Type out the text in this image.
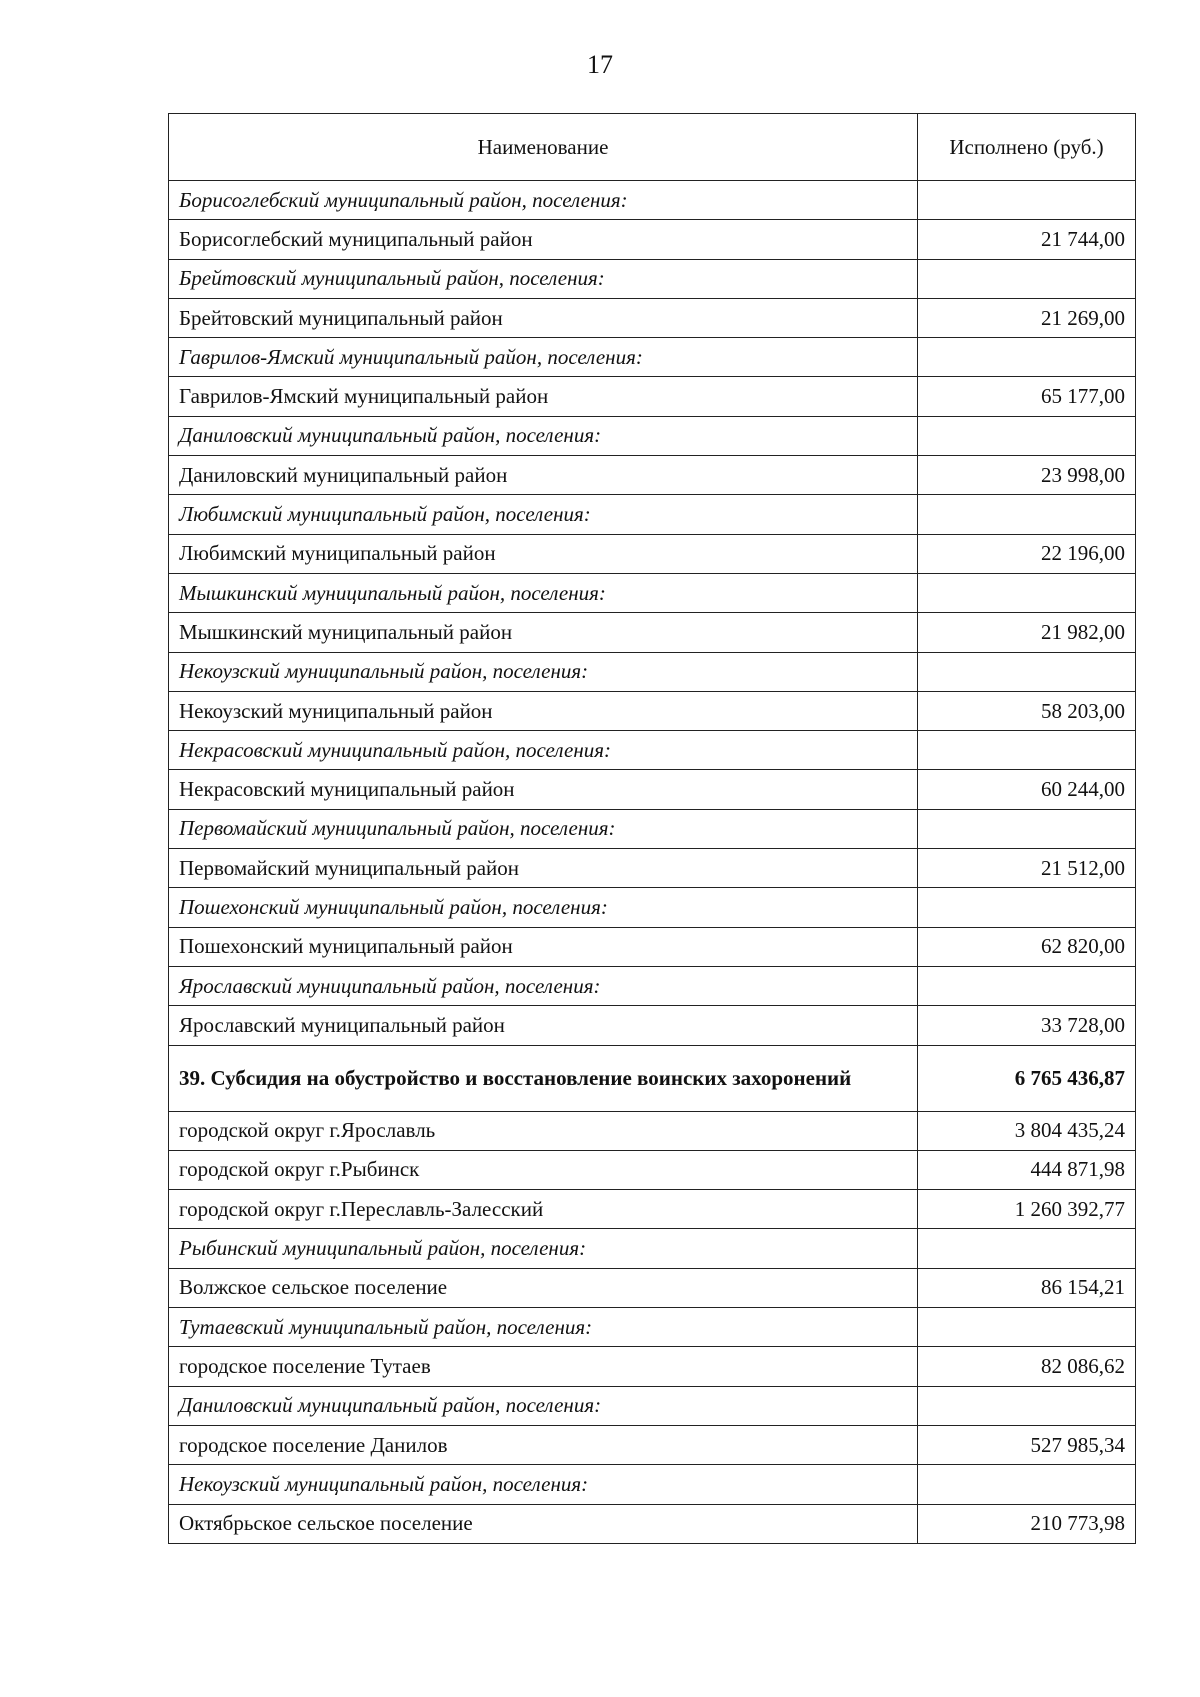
17
Наименование	Исполнено (руб.)
Борисоглебский муниципальный район, поселения:	
Борисоглебский муниципальный район	21 744,00
Брейтовский муниципальный район, поселения:	
Брейтовский муниципальный район	21 269,00
Гаврилов-Ямский муниципальный район, поселения:	
Гаврилов-Ямский муниципальный район	65 177,00
Даниловский муниципальный район, поселения:	
Даниловский муниципальный район	23 998,00
Любимский муниципальный район, поселения:	
Любимский муниципальный район	22 196,00
Мышкинский муниципальный район, поселения:	
Мышкинский муниципальный район	21 982,00
Некоузский муниципальный район, поселения:	
Некоузский муниципальный район	58 203,00
Некрасовский муниципальный район, поселения:	
Некрасовский муниципальный район	60 244,00
Первомайский муниципальный район, поселения:	
Первомайский муниципальный район	21 512,00
Пошехонский муниципальный район, поселения:	
Пошехонский муниципальный район	62 820,00
Ярославский муниципальный район, поселения:	
Ярославский муниципальный район	33 728,00
39. Субсидия на обустройство и восстановление воинских захоронений	6 765 436,87
городской округ г.Ярославль	3 804 435,24
городской округ г.Рыбинск	444 871,98
городской округ г.Переславль-Залесский	1 260 392,77
Рыбинский муниципальный район, поселения:	
Волжское сельское поселение	86 154,21
Тутаевский муниципальный район, поселения:	
городское поселение Тутаев	82 086,62
Даниловский муниципальный район, поселения:	
городское поселение Данилов	527 985,34
Некоузский муниципальный район, поселения:	
Октябрьское сельское поселение	210 773,98
